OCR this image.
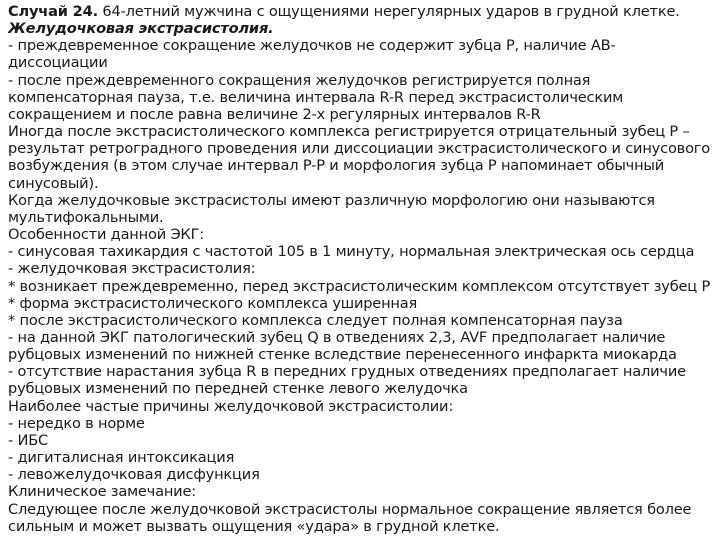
Случай 24. 64-летний мужчина с ощущениями нерегулярных ударов в грудной клетке.
Желудочковая экстрасистолия.
- преждевременное сокращение желудочков не содержит зубца P, наличие АВ-
диссоциации
- после преждевременного сокращения желудочков регистрируется полная
компенсаторная пауза, т.е. величина интервала R-R перед экстрасистолическим
сокращением и после равна величине 2-х регулярных интервалов R-R
Иногда после экстрасистолического комплекса регистрируется отрицательный зубец P –
результат ретроградного проведения или диссоциации экстрасистолического и синусового
возбуждения (в этом случае интервал P-P и морфология зубца P напоминает обычный
синусовый).
Когда желудочковые экстрасистолы имеют различную морфологию они называются
мультифокальными.
Особенности данной ЭКГ:
- синусовая тахикардия с частотой 105 в 1 минуту, нормальная электрическая ось сердца
- желудочковая экстрасистолия:
* возникает преждевременно, перед экстрасистолическим комплексом отсутствует зубец P
* форма экстрасистолического комплекса уширенная
* после экстрасистолического комплекса следует полная компенсаторная пауза
- на данной ЭКГ патологический зубец Q в отведениях 2,3, AVF предполагает наличие
рубцовых изменений по нижней стенке вследствие перенесенного инфаркта миокарда
- отсутствие нарастания зубца R в передних грудных отведениях предполагает наличие
рубцовых изменений по передней стенке левого желудочка
Наиболее частые причины желудочковой экстрасистолии:
- нередко в норме
- ИБС
- дигиталисная интоксикация
- левожелудочковая дисфункция
Клиническое замечание:
Следующее после желудочковой экстрасистолы нормальное сокращение является более
сильным и может вызвать ощущения «удара» в грудной клетке.
